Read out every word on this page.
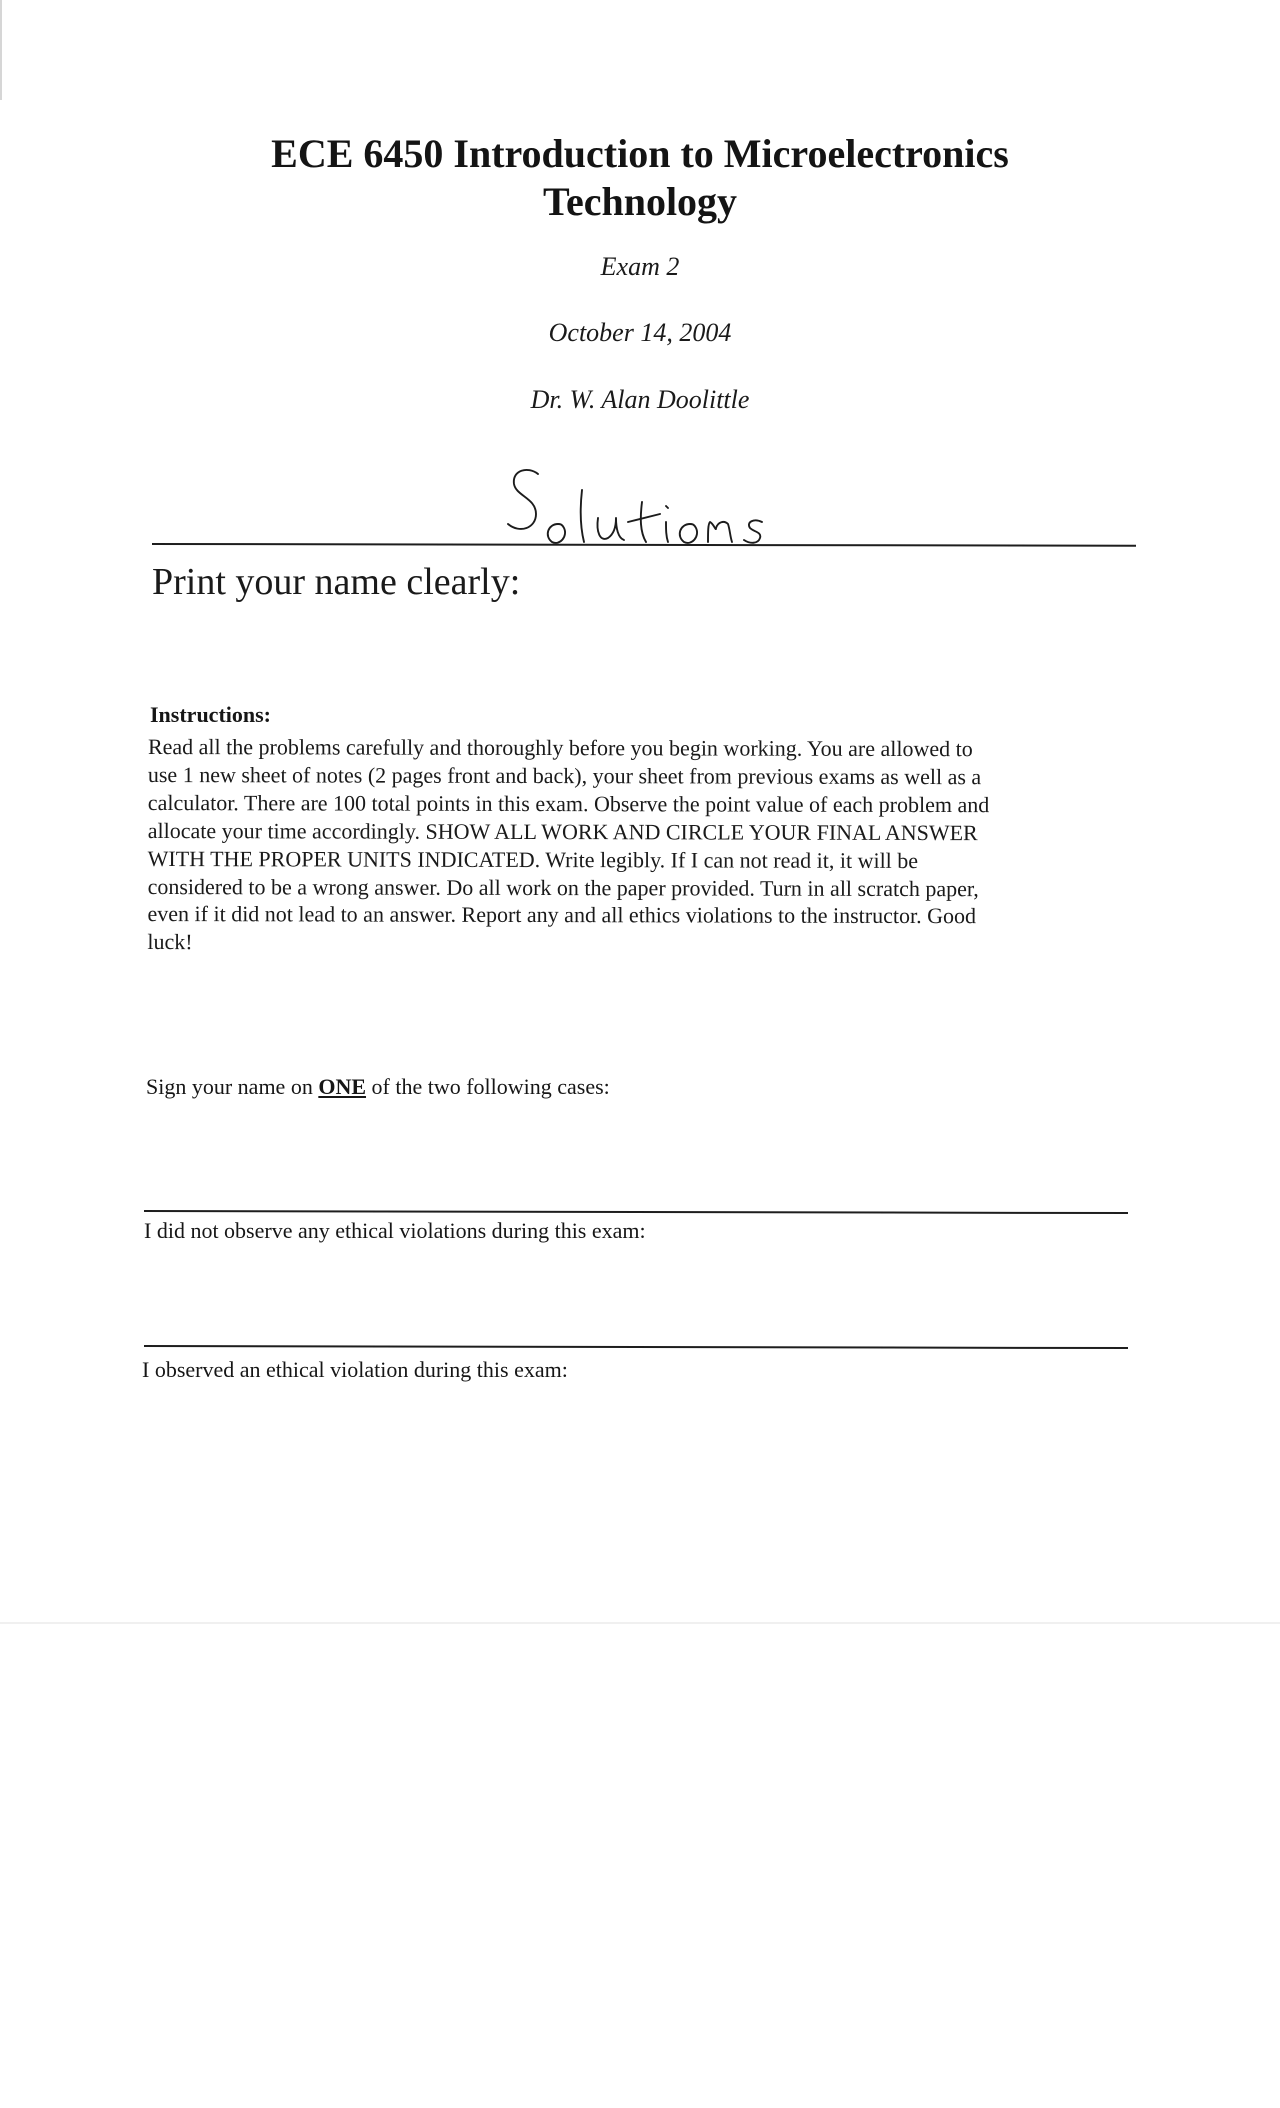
ECE 6450 Introduction to Microelectronics
Technology

Exam 2

October 14, 2004

Dr. W. Alan Doolittle

Print your name clearly:

Instructions:

Read all the problems carefully and thoroughly before you begin working. You are allowed to
use 1 new sheet of notes (2 pages front and back), your sheet from previous exams as well as a
calculator. There are 100 total points in this exam. Observe the point value of each problem and
allocate your time accordingly. SHOW ALL WORK AND CIRCLE YOUR FINAL ANSWER
WITH THE PROPER UNITS INDICATED. Write legibly. If I can not read it, it will be
considered to be a wrong answer. Do all work on the paper provided. Turn in all scratch paper,
even if it did not lead to an answer. Report any and all ethics violations to the instructor. Good
luck!

Sign your name on ONE of the two following cases:

I did not observe any ethical violations during this exam:

I observed an ethical violation during this exam:
